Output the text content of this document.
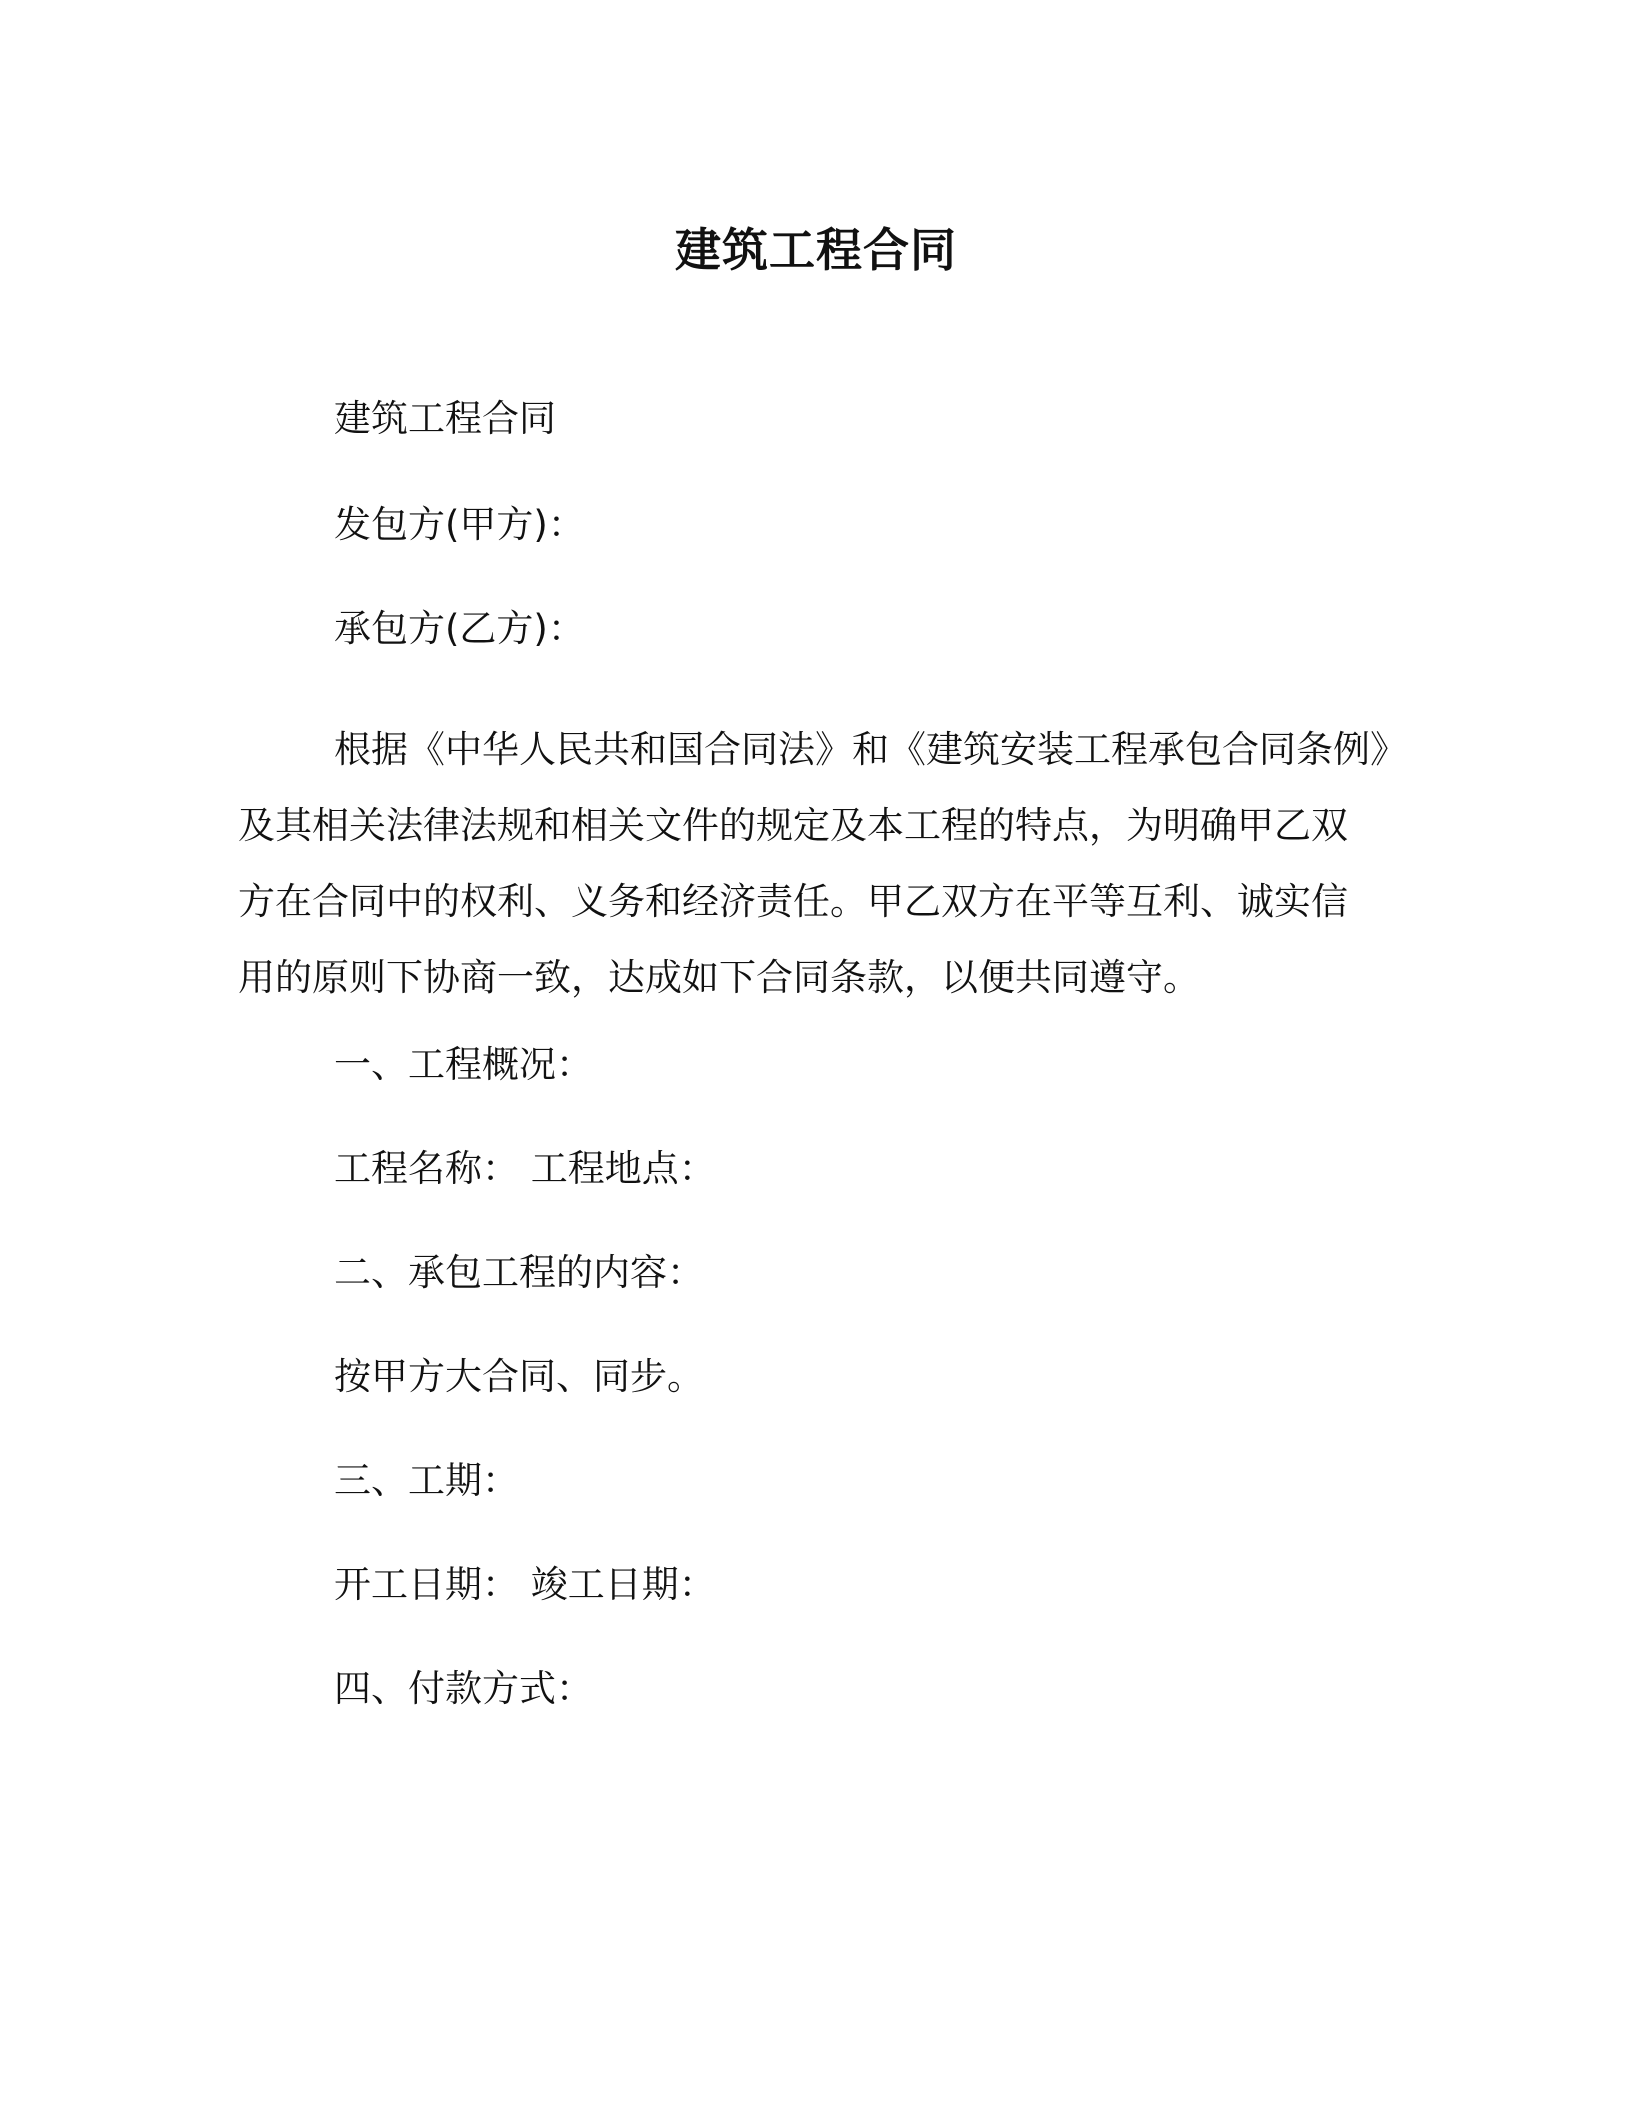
建筑工程合同
建筑工程合同
发包方(甲方)：
承包方(乙方)：
根据《中华人民共和国合同法》和《建筑安装工程承包合同条例》
及其相关法律法规和相关文件的规定及本工程的特点，为明确甲乙双
方在合同中的权利、义务和经济责任。甲乙双方在平等互利、诚实信
用的原则下协商一致，达成如下合同条款，以便共同遵守。
一、工程概况：
工程名称： 工程地点：
二、承包工程的内容：
按甲方大合同、同步。
三、工期：
开工日期： 竣工日期：
四、付款方式：
